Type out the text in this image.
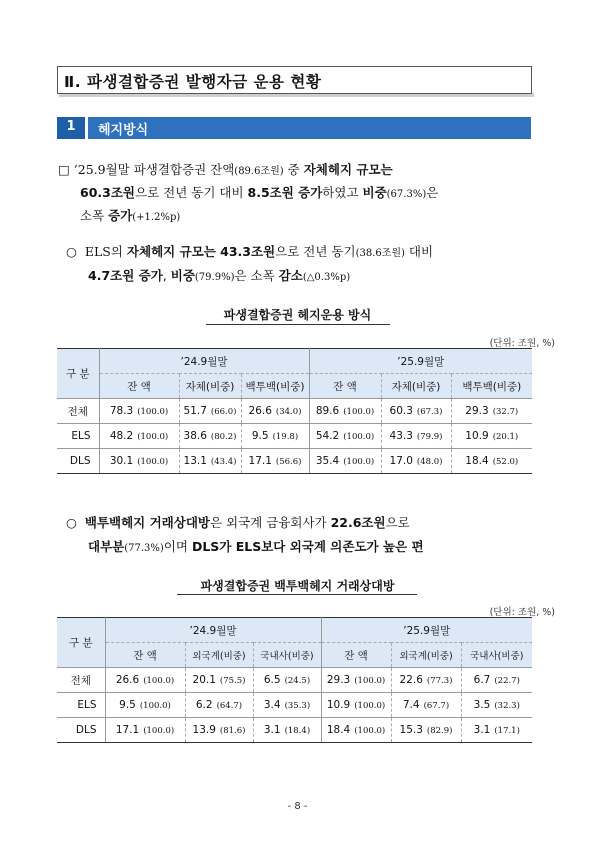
Ⅱ. 파생결합증권 발행자금 운용 현황
1	헤지방식
□ ’25.9월말 파생결합증권 잔액(89.6조원) 중 자체헤지 규모는
60.3조원으로 전년 동기 대비 8.5조원 증가하였고 비중(67.3%)은
소폭 증가(+1.2%p)
○ ELS의 자체헤지 규모는 43.3조원으로 전년 동기(38.6조원) 대비
4.7조원 증가, 비중(79.9%)은 소폭 감소(△0.3%p)
파생결합증권 헤지운용 방식
(단위: 조원, %)
구 분	’24.9월말			’25.9월말		
	잔 액	자체(비중)	백투백(비중)	잔 액	자체(비중)	백투백(비중)
전체	78.3 (100.0)	51.7 (66.0)	26.6 (34.0)	89.6 (100.0)	60.3 (67.3)	29.3 (32.7)
ELS	48.2 (100.0)	38.6 (80.2)	9.5 (19.8)	54.2 (100.0)	43.3 (79.9)	10.9 (20.1)
DLS	30.1 (100.0)	13.1 (43.4)	17.1 (56.6)	35.4 (100.0)	17.0 (48.0)	18.4 (52.0)
○ 백투백헤지 거래상대방은 외국계 금융회사가 22.6조원으로
대부분(77.3%)이며 DLS가 ELS보다 외국계 의존도가 높은 편
파생결합증권 백투백헤지 거래상대방
(단위: 조원, %)
구 분	’24.9월말			’25.9월말		
	잔 액	외국계(비중)	국내사(비중)	잔 액	외국계(비중)	국내사(비중)
전체	26.6 (100.0)	20.1 (75.5)	6.5 (24.5)	29.3 (100.0)	22.6 (77.3)	6.7 (22.7)
ELS	9.5 (100.0)	6.2 (64.7)	3.4 (35.3)	10.9 (100.0)	7.4 (67.7)	3.5 (32.3)
DLS	17.1 (100.0)	13.9 (81.6)	3.1 (18.4)	18.4 (100.0)	15.3 (82.9)	3.1 (17.1)
- 8 -
